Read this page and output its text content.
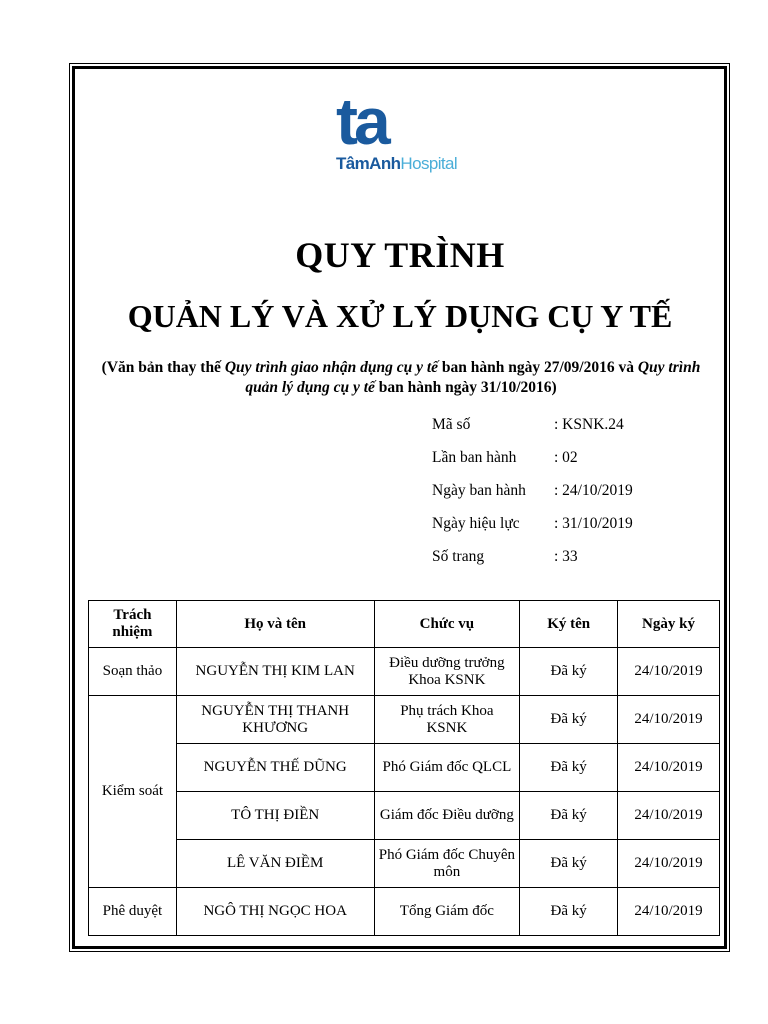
ta
TâmAnhHospital
QUY TRÌNH
QUẢN LÝ VÀ XỬ LÝ DỤNG CỤ Y TẾ
(Văn bản thay thế Quy trình giao nhận dụng cụ y tế ban hành ngày 27/09/2016 và Quy trình quản lý dụng cụ y tế ban hành ngày 31/10/2016)
Mã số	: KSNK.24
Lần ban hành	: 02
Ngày ban hành	: 24/10/2019
Ngày hiệu lực	: 31/10/2019
Số trang	: 33
Trách nhiệm	Họ và tên	Chức vụ	Ký tên	Ngày ký
Soạn thảo	NGUYỄN THỊ KIM LAN	Điều dưỡng trưởng Khoa KSNK	Đã ký	24/10/2019
Kiểm soát	NGUYỄN THỊ THANH KHƯƠNG	Phụ trách Khoa KSNK	Đã ký	24/10/2019
	NGUYỄN THẾ DŨNG	Phó Giám đốc QLCL	Đã ký	24/10/2019
	TÔ THỊ ĐIỀN	Giám đốc Điều dưỡng	Đã ký	24/10/2019
	LÊ VĂN ĐIỀM	Phó Giám đốc Chuyên môn	Đã ký	24/10/2019
Phê duyệt	NGÔ THỊ NGỌC HOA	Tổng Giám đốc	Đã ký	24/10/2019
